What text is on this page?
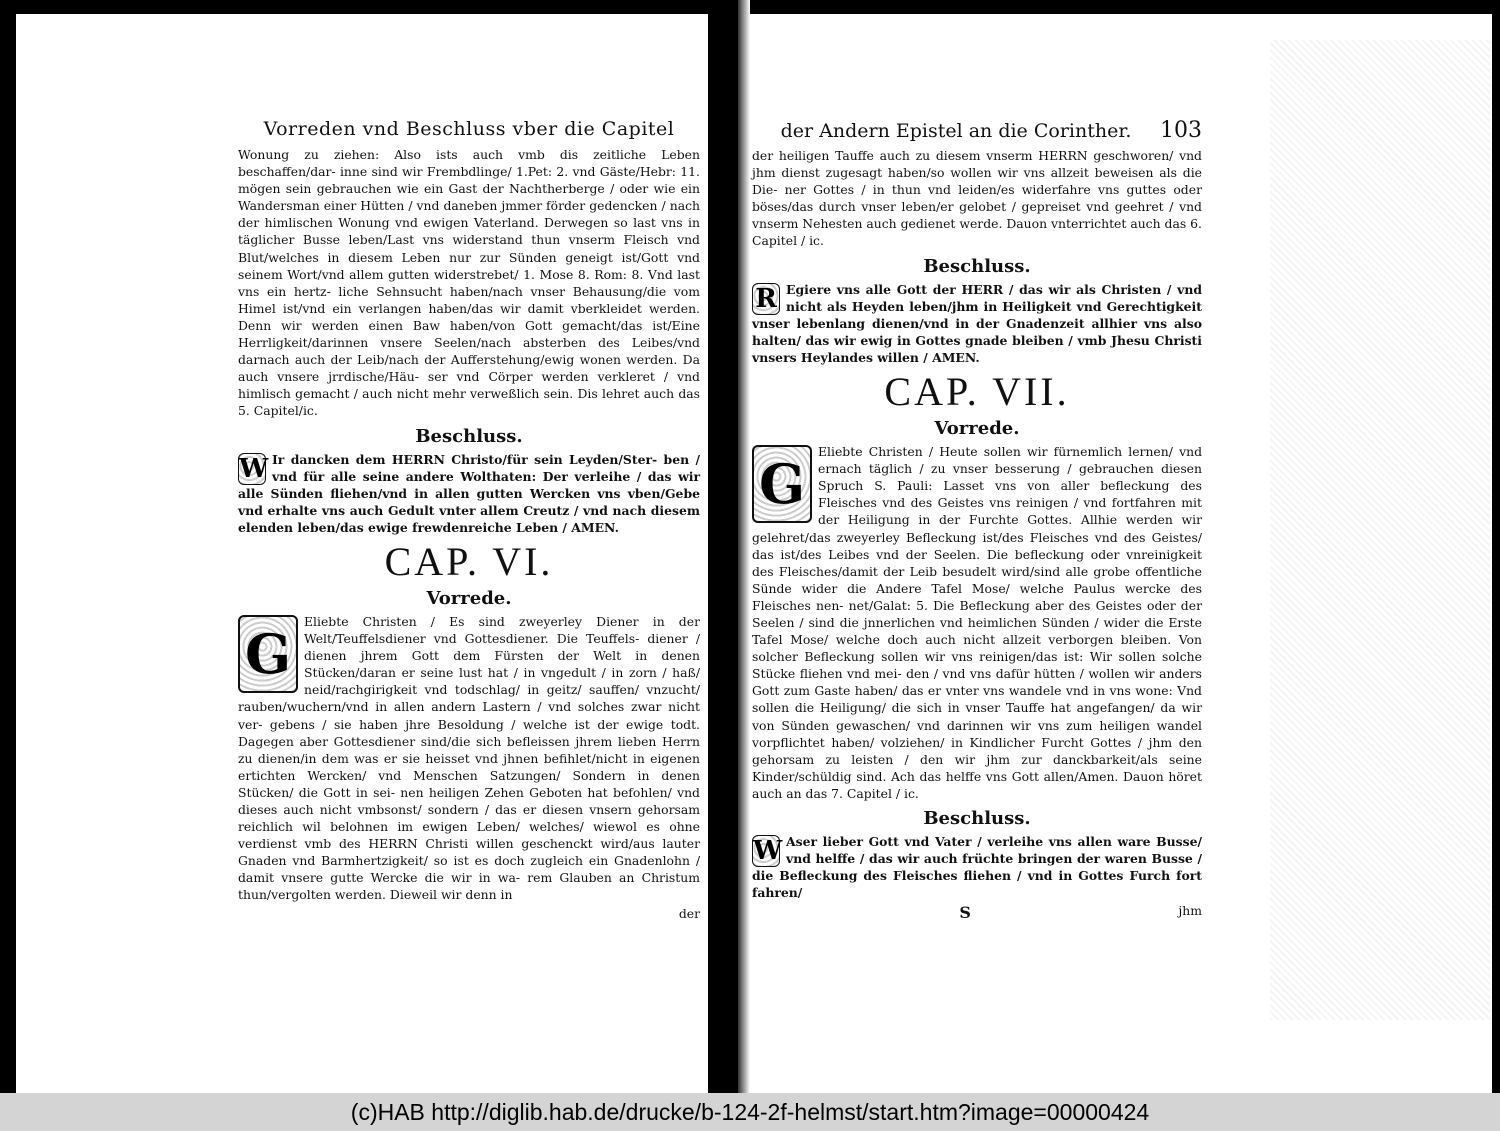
Vorreden vnd Beschluss vber die Capitel

Wonung zu ziehen: Also ists auch vmb dis zeitliche Leben beschaffen/dar- inne sind wir Frembdlinge/ 1.Pet: 2. vnd Gäste/Hebr: 11. mögen sein gebrauchen wie ein Gast der Nachtherberge / oder wie ein Wandersman einer Hütten / vnd daneben jmmer förder gedencken / nach der himlischen Wonung vnd ewigen Vaterland. Derwegen so last vns in täglicher Busse leben/Last vns widerstand thun vnserm Fleisch vnd Blut/welches in diesem Leben nur zur Sünden geneigt ist/Gott vnd seinem Wort/vnd allem gutten widerstrebet/ 1. Mose 8. Rom: 8. Vnd last vns ein hertz- liche Sehnsucht haben/nach vnser Behausung/die vom Himel ist/vnd ein verlangen haben/das wir damit vberkleidet werden. Denn wir werden einen Baw haben/von Gott gemacht/das ist/Eine Herrligkeit/darinnen vnsere Seelen/nach absterben des Leibes/vnd darnach auch der Leib/nach der Aufferstehung/ewig wonen werden. Da auch vnsere jrrdische/Häu- ser vnd Cörper werden verkleret / vnd himlisch gemacht / auch nicht mehr verweßlich sein. Dis lehret auch das 5. Capitel/ic.

Beschluss.
W Ir dancken dem HERRN Christo/für sein Leyden/Ster- ben / vnd für alle seine andere Wolthaten: Der verleihe / das wir alle Sünden fliehen/vnd in allen gutten Wercken vns vben/Gebe vnd erhalte vns auch Gedult vnter allem Creutz / vnd nach diesem elenden leben/das ewige frewdenreiche Leben / AMEN.

CAP. VI.
Vorrede.
G

Eliebte Christen / Es sind zweyerley Diener in der Welt/Teuffelsdiener vnd Gottesdiener. Die Teuffels- diener / dienen jhrem Gott dem Fürsten der Welt in denen Stücken/daran er seine lust hat / in vngedult / in zorn / haß/ neid/rachgirigkeit vnd todschlag/ in geitz/ sauffen/ vnzucht/ rauben/wuchern/vnd in allen andern Lastern / vnd solches zwar nicht ver- gebens / sie haben jhre Besoldung / welche ist der ewige todt. Dagegen aber Gottesdiener sind/die sich befleissen jhrem lieben Herrn zu dienen/in dem was er sie heisset vnd jhnen befihlet/nicht in eigenen ertichten Wercken/ vnd Menschen Satzungen/ Sondern in denen Stücken/ die Gott in sei- nen heiligen Zehen Geboten hat befohlen/ vnd dieses auch nicht vmbsonst/ sondern / das er diesen vnsern gehorsam reichlich wil belohnen im ewigen Leben/ welches/ wiewol es ohne verdienst vmb des HERRN Christi willen geschenckt wird/aus lauter Gnaden vnd Barmhertzigkeit/ so ist es doch zugleich ein Gnadenlohn / damit vnsere gutte Wercke die wir in wa- rem Glauben an Christum thun/vergolten werden. Dieweil wir denn in

der
der Andern Epistel an die Corinther.	103

der heiligen Tauffe auch zu diesem vnserm HERRN geschworen/ vnd jhm dienst zugesagt haben/so wollen wir vns allzeit beweisen als die Die- ner Gottes / in thun vnd leiden/es widerfahre vns guttes oder böses/das durch vnser leben/er gelobet / gepreiset vnd geehret / vnd vnserm Nehesten auch gedienet werde. Dauon vnterrichtet auch das 6. Capitel / ic.

Beschluss.
R Egiere vns alle Gott der HERR / das wir als Christen / vnd nicht als Heyden leben/jhm in Heiligkeit vnd Gerechtigkeit vnser lebenlang dienen/vnd in der Gnadenzeit allhier vns also halten/ das wir ewig in Gottes gnade bleiben / vmb Jhesu Christi vnsers Heylandes willen / AMEN.

CAP. VII.
Vorrede.
G

Eliebte Christen / Heute sollen wir fürnemlich lernen/ vnd ernach täglich / zu vnser besserung / gebrauchen diesen Spruch S. Pauli: Lasset vns von aller befleckung des Fleisches vnd des Geistes vns reinigen / vnd fortfahren mit der Heiligung in der Furchte Gottes. Allhie werden wir gelehret/das zweyerley Befleckung ist/des Fleisches vnd des Geistes/ das ist/des Leibes vnd der Seelen. Die befleckung oder vnreinigkeit des Fleisches/damit der Leib besudelt wird/sind alle grobe offentliche Sünde wider die Andere Tafel Mose/ welche Paulus wercke des Fleisches nen- net/Galat: 5. Die Befleckung aber des Geistes oder der Seelen / sind die jnnerlichen vnd heimlichen Sünden / wider die Erste Tafel Mose/ welche doch auch nicht allzeit verborgen bleiben. Von solcher Befleckung sollen wir vns reinigen/das ist: Wir sollen solche Stücke fliehen vnd mei- den / vnd vns dafür hütten / wollen wir anders Gott zum Gaste haben/ das er vnter vns wandele vnd in vns wone: Vnd sollen die Heiligung/ die sich in vnser Tauffe hat angefangen/ da wir von Sünden gewaschen/ vnd darinnen wir vns zum heiligen wandel vorpflichtet haben/ volziehen/ in Kindlicher Furcht Gottes / jhm den gehorsam zu leisten / den wir jhm zur danckbarkeit/als seine Kinder/schüldig sind. Ach das helffe vns Gott allen/Amen. Dauon höret auch an das 7. Capitel / ic.

Beschluss.
W Aser lieber Gott vnd Vater / verleihe vns allen ware Busse/ vnd helffe / das wir auch früchte bringen der waren Busse / die Befleckung des Fleisches fliehen / vnd in Gottes Furch fort fahren/

S	jhm
(c)HAB http://diglib.hab.de/drucke/b-124-2f-helmst/start.htm?image=00000424
